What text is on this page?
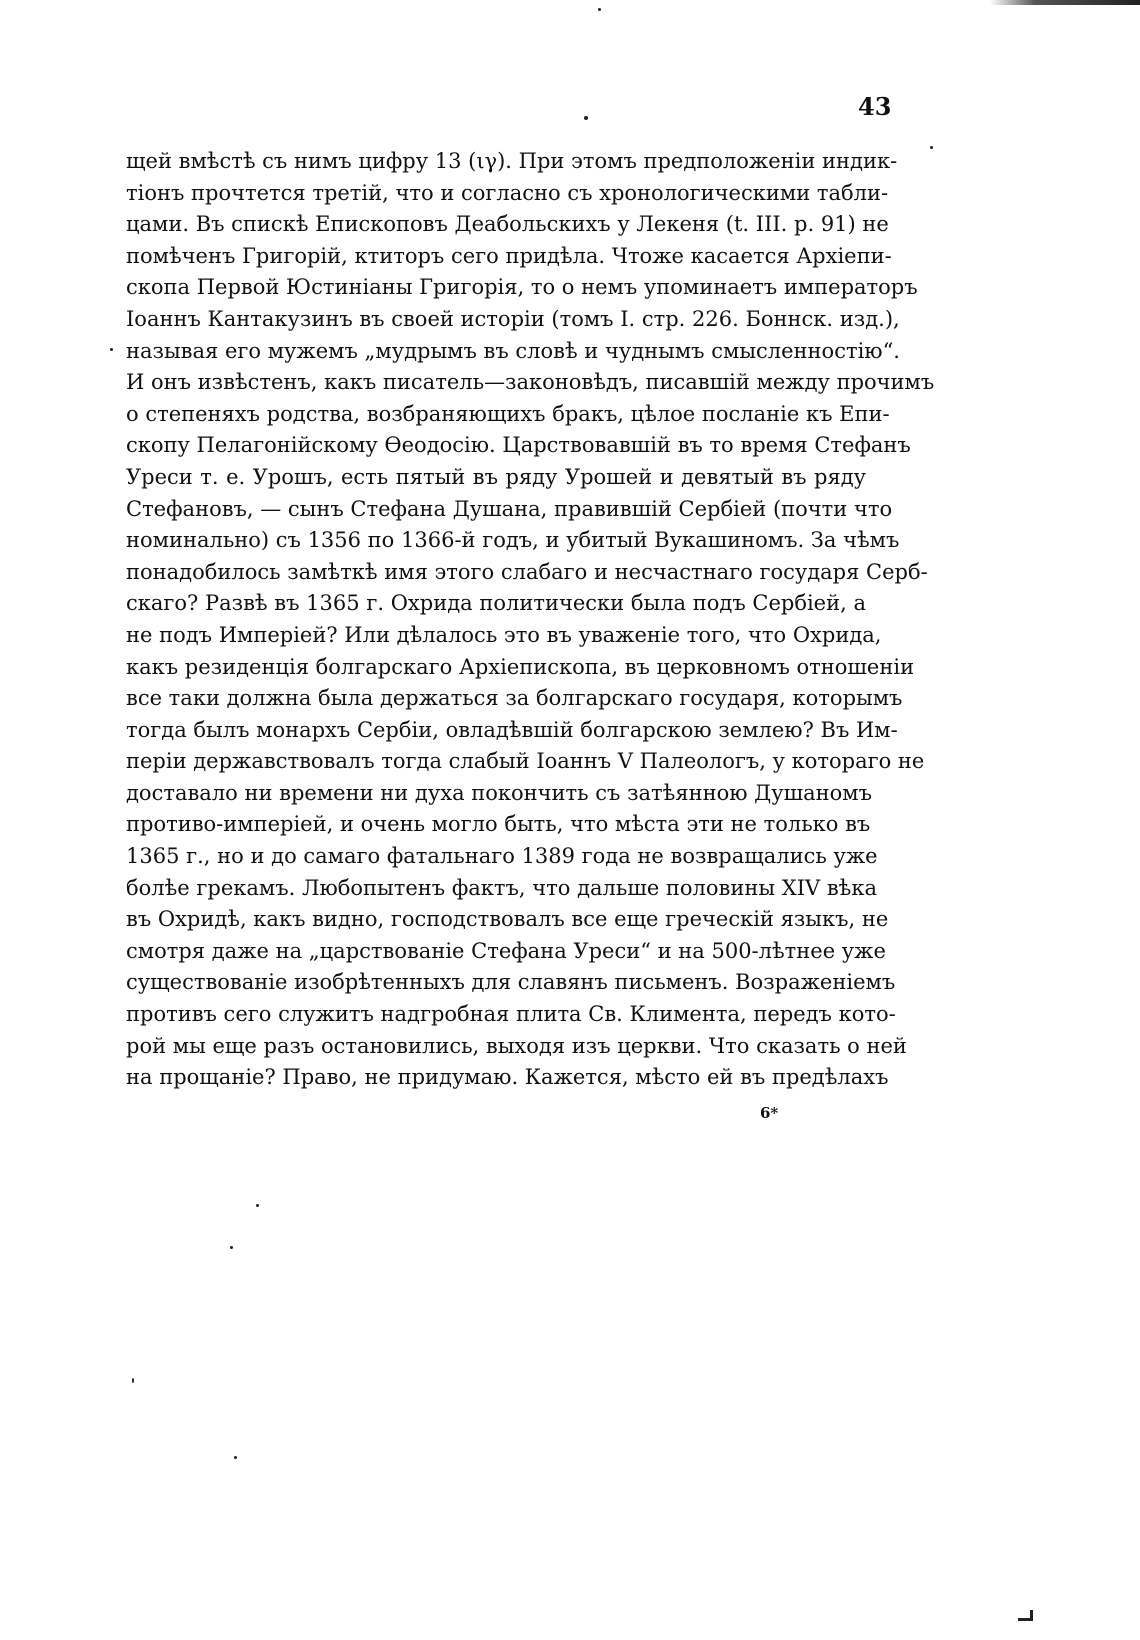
43
щей вмѣстѣ съ нимъ цифру 13 (ιγ). При этомъ предположеніи индик-
тіонъ прочтется третій, что и согласно съ хронологическими табли-
цами. Въ спискѣ Епископовъ Деабольскихъ у Лекеня (t. III. p. 91) не
помѣченъ Григорій, ктиторъ сего придѣла. Чтоже касается Архіепи-
скопа Первой Юстиніаны Григорія, то о немъ упоминаетъ императоръ
Іоаннъ Кантакузинъ въ своей исторіи (томъ I. стр. 226. Боннск. изд.),
называя его мужемъ „мудрымъ въ словѣ и чуднымъ смысленностію“.
И онъ извѣстенъ, какъ писатель—законовѣдъ, писавшій между прочимъ
о степеняхъ родства, возбраняющихъ бракъ, цѣлое посланіе къ Епи-
скопу Пелагонійскому Ѳеодосію. Царствовавшій въ то время Стефанъ
Уреси т. е. Урошъ, есть пятый въ ряду Урошей и девятый въ ряду
Стефановъ, — сынъ Стефана Душана, правившій Сербіей (почти что
номинально) съ 1356 по 1366-й годъ, и убитый Вукашиномъ. За чѣмъ
понадобилось замѣткѣ имя этого слабаго и несчастнаго государя Серб-
скаго? Развѣ въ 1365 г. Охрида политически была подъ Сербіей, а
не подъ Имперіей? Или дѣлалось это въ уваженіе того, что Охрида,
какъ резиденція болгарскаго Архіепископа, въ церковномъ отношеніи
все таки должна была держаться за болгарскаго государя, которымъ
тогда былъ монархъ Сербіи, овладѣвшій болгарскою землею? Въ Им-
періи державствовалъ тогда слабый Іоаннъ V Палеологъ, у котораго не
доставало ни времени ни духа покончить съ затѣянною Душаномъ
противо-имперіей, и очень могло быть, что мѣста эти не только въ
1365 г., но и до самаго фатальнаго 1389 года не возвращались уже
болѣе грекамъ. Любопытенъ фактъ, что дальше половины XIV вѣка
въ Охридѣ, какъ видно, господствовалъ все еще греческій языкъ, не
смотря даже на „царствованіе Стефана Уреси“ и на 500-лѣтнее уже
существованіе изобрѣтенныхъ для славянъ письменъ. Возраженіемъ
противъ сего служитъ надгробная плита Св. Климента, передъ кото-
рой мы еще разъ остановились, выходя изъ церкви. Что сказать о ней
на прощаніе? Право, не придумаю. Кажется, мѣсто ей въ предѣлахъ
6*
